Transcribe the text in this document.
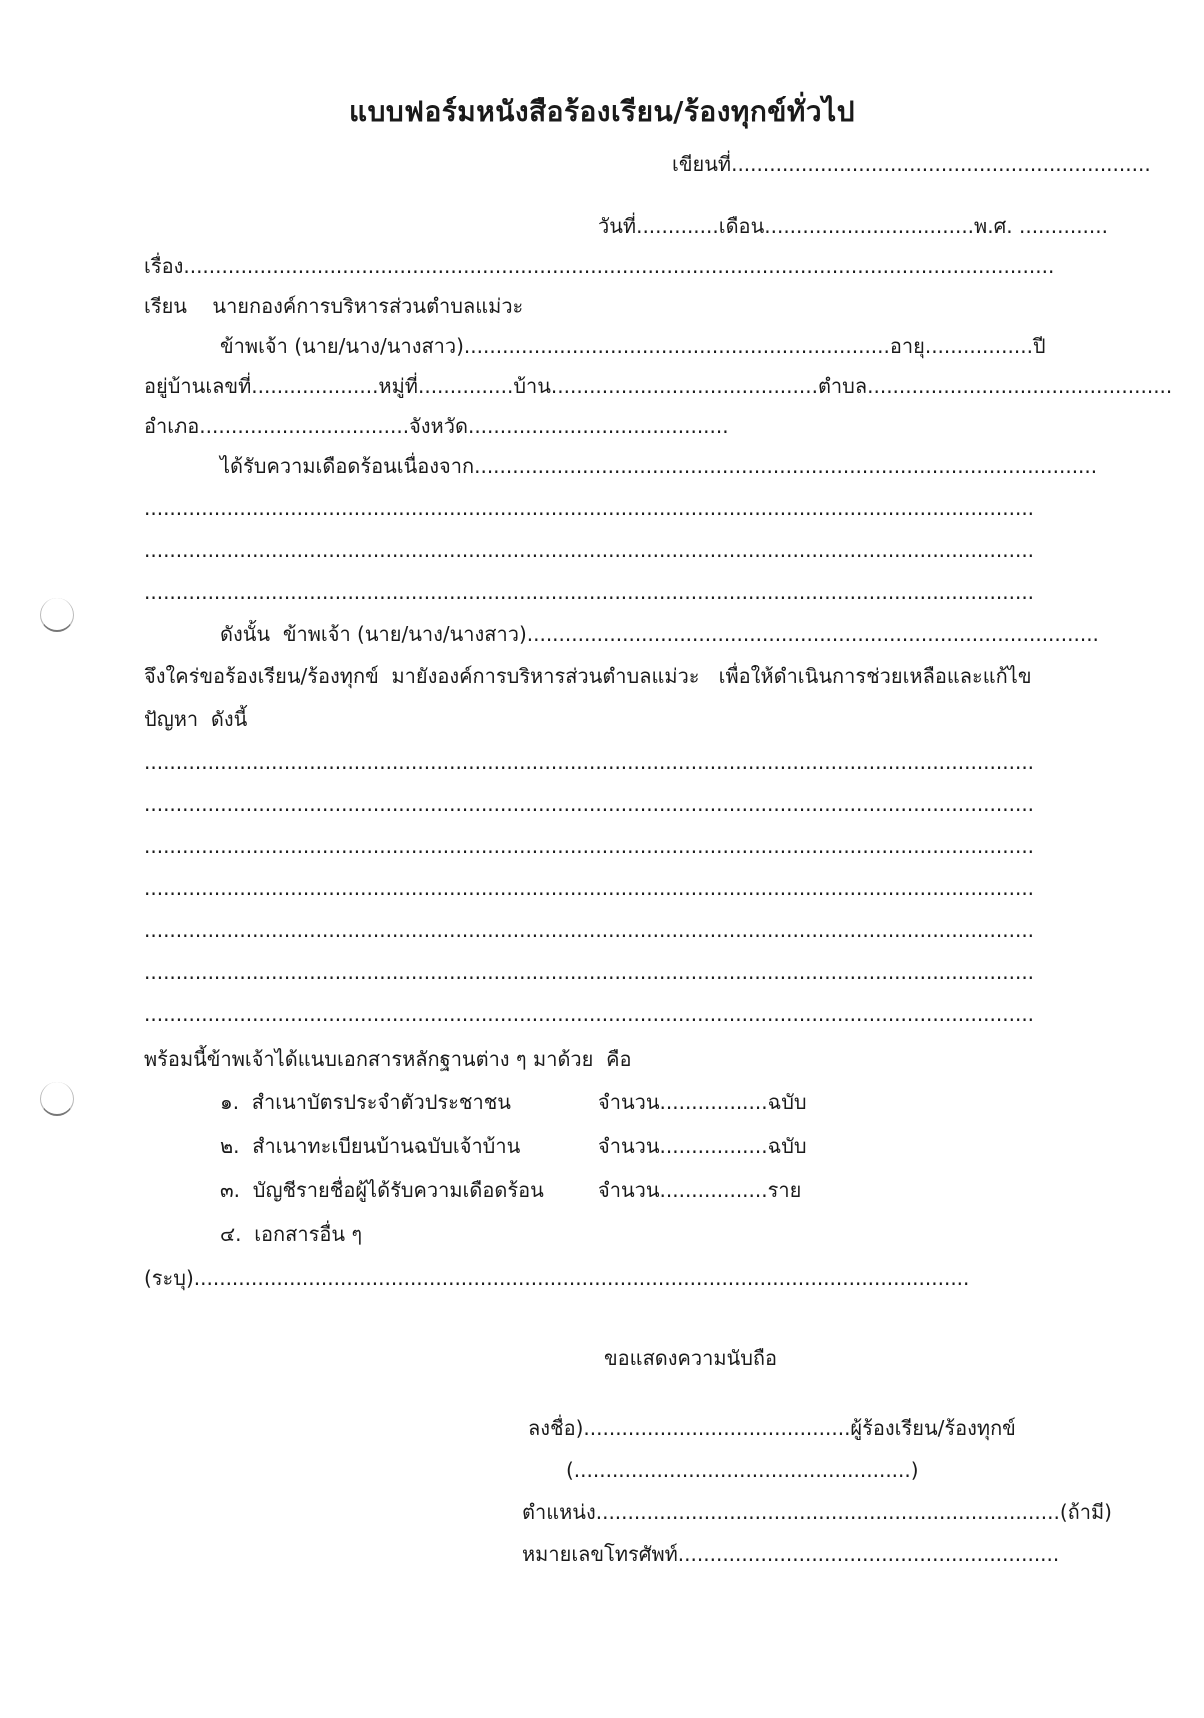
แบบฟอร์มหนังสือร้องเรียน/ร้องทุกข์ทั่วไป
เขียนที่..................................................................
วันที่.............เดือน.................................พ.ศ. ..............
เรื่อง.........................................................................................................................................
เรียน    นายกองค์การบริหารส่วนตำบลแม่วะ
ข้าพเจ้า (นาย/นาง/นางสาว)...................................................................อายุ.................ปี
อยู่บ้านเลขที่....................หมู่ที่...............บ้าน..........................................ตำบล................................................
อำเภอ.................................จังหวัด.........................................
ได้รับความเดือดร้อนเนื่องจาก..................................................................................................
............................................................................................................................................
............................................................................................................................................
............................................................................................................................................
ดังนั้น  ข้าพเจ้า (นาย/นาง/นางสาว)..........................................................................................
จึงใคร่ขอร้องเรียน/ร้องทุกข์  มายังองค์การบริหารส่วนตำบลแม่วะ   เพื่อให้ดำเนินการช่วยเหลือและแก้ไข
ปัญหา  ดังนี้
............................................................................................................................................
............................................................................................................................................
............................................................................................................................................
............................................................................................................................................
............................................................................................................................................
............................................................................................................................................
............................................................................................................................................
พร้อมนี้ข้าพเจ้าได้แนบเอกสารหลักฐานต่าง ๆ มาด้วย  คือ
๑.  สำเนาบัตรประจำตัวประชาชน	จำนวน.................ฉบับ
๒.  สำเนาทะเบียนบ้านฉบับเจ้าบ้าน	จำนวน.................ฉบับ
๓.  บัญชีรายชื่อผู้ได้รับความเดือดร้อน	จำนวน.................ราย
๔.  เอกสารอื่น ๆ
(ระบุ)..........................................................................................................................
ขอแสดงความนับถือ
ลงชื่อ)..........................................ผู้ร้องเรียน/ร้องทุกข์
(.....................................................)
ตำแหน่ง.........................................................................(ถ้ามี)
หมายเลขโทรศัพท์............................................................
